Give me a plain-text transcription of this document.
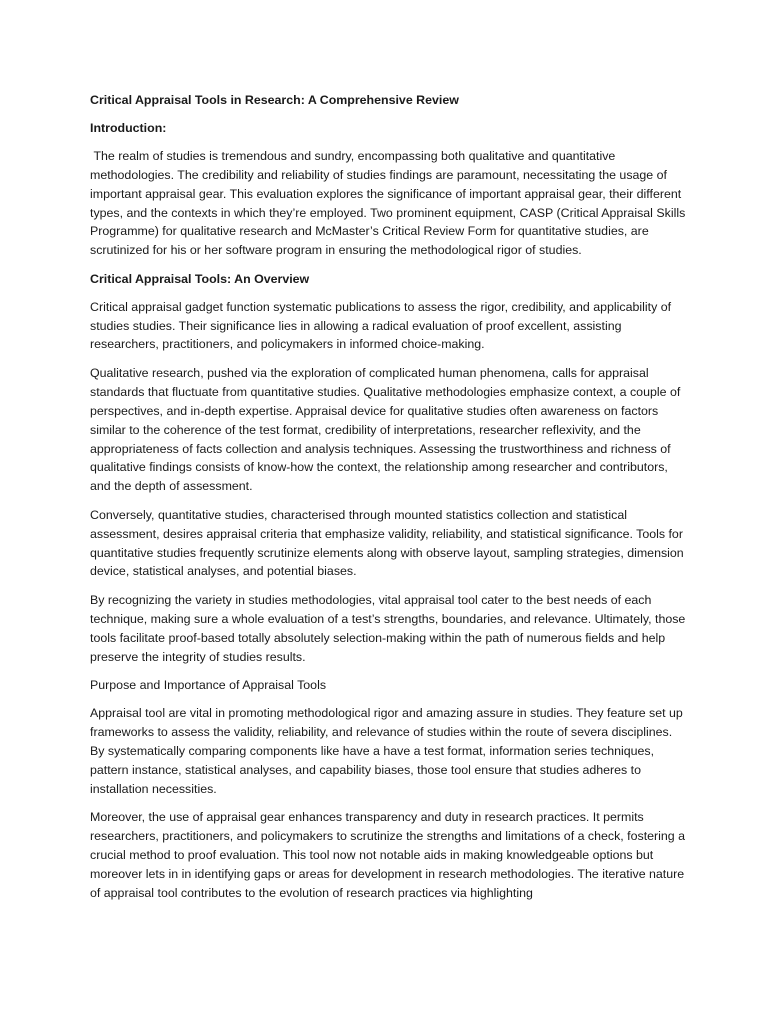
Critical Appraisal Tools in Research: A Comprehensive Review

Introduction:

The realm of studies is tremendous and sundry, encompassing both qualitative and quantitative methodologies. The credibility and reliability of studies findings are paramount, necessitating the usage of important appraisal gear. This evaluation explores the significance of important appraisal gear, their different types, and the contexts in which they’re employed. Two prominent equipment, CASP (Critical Appraisal Skills Programme) for qualitative research and McMaster’s Critical Review Form for quantitative studies, are scrutinized for his or her software program in ensuring the methodological rigor of studies.

Critical Appraisal Tools: An Overview

Critical appraisal gadget function systematic publications to assess the rigor, credibility, and applicability of studies studies. Their significance lies in allowing a radical evaluation of proof excellent, assisting researchers, practitioners, and policymakers in informed choice-making.

Qualitative research, pushed via the exploration of complicated human phenomena, calls for appraisal standards that fluctuate from quantitative studies. Qualitative methodologies emphasize context, a couple of perspectives, and in-depth expertise. Appraisal device for qualitative studies often awareness on factors similar to the coherence of the test format, credibility of interpretations, researcher reflexivity, and the appropriateness of facts collection and analysis techniques. Assessing the trustworthiness and richness of qualitative findings consists of know-how the context, the relationship among researcher and contributors, and the depth of assessment.

Conversely, quantitative studies, characterised through mounted statistics collection and statistical assessment, desires appraisal criteria that emphasize validity, reliability, and statistical significance. Tools for quantitative studies frequently scrutinize elements along with observe layout, sampling strategies, dimension device, statistical analyses, and potential biases.

By recognizing the variety in studies methodologies, vital appraisal tool cater to the best needs of each technique, making sure a whole evaluation of a test’s strengths, boundaries, and relevance. Ultimately, those tools facilitate proof-based totally absolutely selection-making within the path of numerous fields and help preserve the integrity of studies results.

Purpose and Importance of Appraisal Tools

Appraisal tool are vital in promoting methodological rigor and amazing assure in studies. They feature set up frameworks to assess the validity, reliability, and relevance of studies within the route of severa disciplines. By systematically comparing components like have a have a test format, information series techniques, pattern instance, statistical analyses, and capability biases, those tool ensure that studies adheres to installation necessities.

Moreover, the use of appraisal gear enhances transparency and duty in research practices. It permits researchers, practitioners, and policymakers to scrutinize the strengths and limitations of a check, fostering a crucial method to proof evaluation. This tool now not notable aids in making knowledgeable options but moreover lets in in identifying gaps or areas for development in research methodologies. The iterative nature of appraisal tool contributes to the evolution of research practices via highlighting
